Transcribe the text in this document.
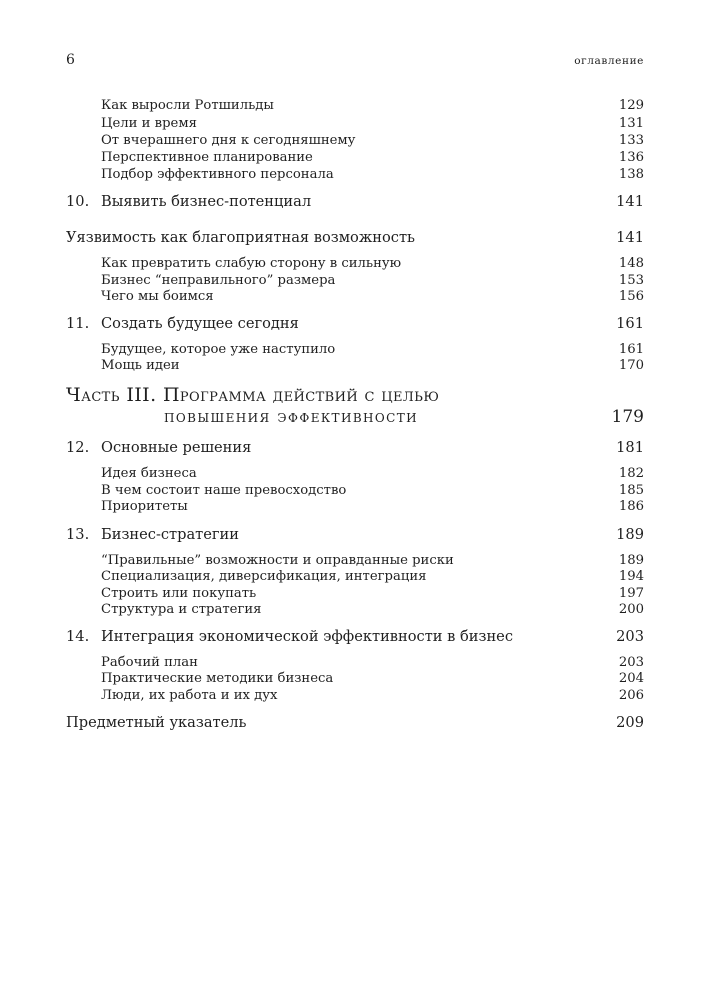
6	оглавление
Как выросли Ротшильды	129
Цели и время	131
От вчерашнего дня к сегодняшнему	133
Перспективное планирование	136
Подбор эффективного персонала	138
10. Выявить бизнес-потенциал	141
Уязвимость как благоприятная возможность	141
Как превратить слабую сторону в сильную	148
Бизнес “неправильного” размера	153
Чего мы боимся	156
11. Создать будущее сегодня	161
Будущее, которое уже наступило	161
Мощь идеи	170
Часть III. Программа действий с целью
повышения эффективности	179
12. Основные решения	181
Идея бизнеса	182
В чем состоит наше превосходство	185
Приоритеты	186
13. Бизнес-стратегии	189
“Правильные” возможности и оправданные риски	189
Специализация, диверсификация, интеграция	194
Строить или покупать	197
Структура и стратегия	200
14. Интеграция экономической эффективности в бизнес	203
Рабочий план	203
Практические методики бизнеса	204
Люди, их работа и их дух	206
Предметный указатель	209
